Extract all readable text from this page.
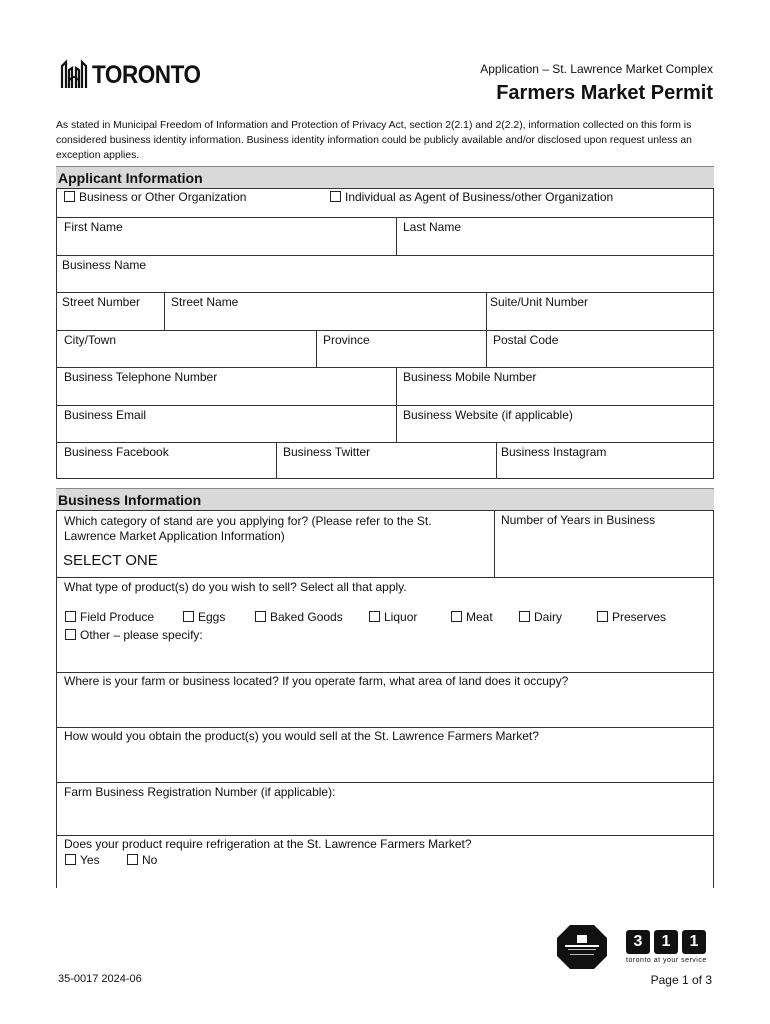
TORONTO	Application – St. Lawrence Market Complex
Farmers Market Permit
As stated in Municipal Freedom of Information and Protection of Privacy Act, section 2(2.1) and 2(2.2), information collected on this form is considered business identity information. Business identity information could be publicly available and/or disclosed upon request unless an exception applies.
Applicant Information
Business or Other Organization	Individual as Agent of Business/other Organization
First Name	Last Name
Business Name
Street Number	Street Name	Suite/Unit Number
City/Town	Province	Postal Code
Business Telephone Number	Business Mobile Number
Business Email	Business Website (if applicable)
Business Facebook	Business Twitter	Business Instagram
Business Information
Which category of stand are you applying for? (Please refer to the St. Lawrence Market Application Information)
SELECT ONE
Number of Years in Business
What type of product(s) do you wish to sell? Select all that apply.
Field Produce	Eggs	Baked Goods	Liquor	Meat	Dairy	Preserves
Other – please specify:
Where is your farm or business located? If you operate farm, what area of land does it occupy?
How would you obtain the product(s) you would sell at the St. Lawrence Farmers Market?
Farm Business Registration Number (if applicable):
Does your product require refrigeration at the St. Lawrence Farmers Market?
Yes	No
3	1	1
toronto at your service
35-0017 2024-06	Page 1 of 3
